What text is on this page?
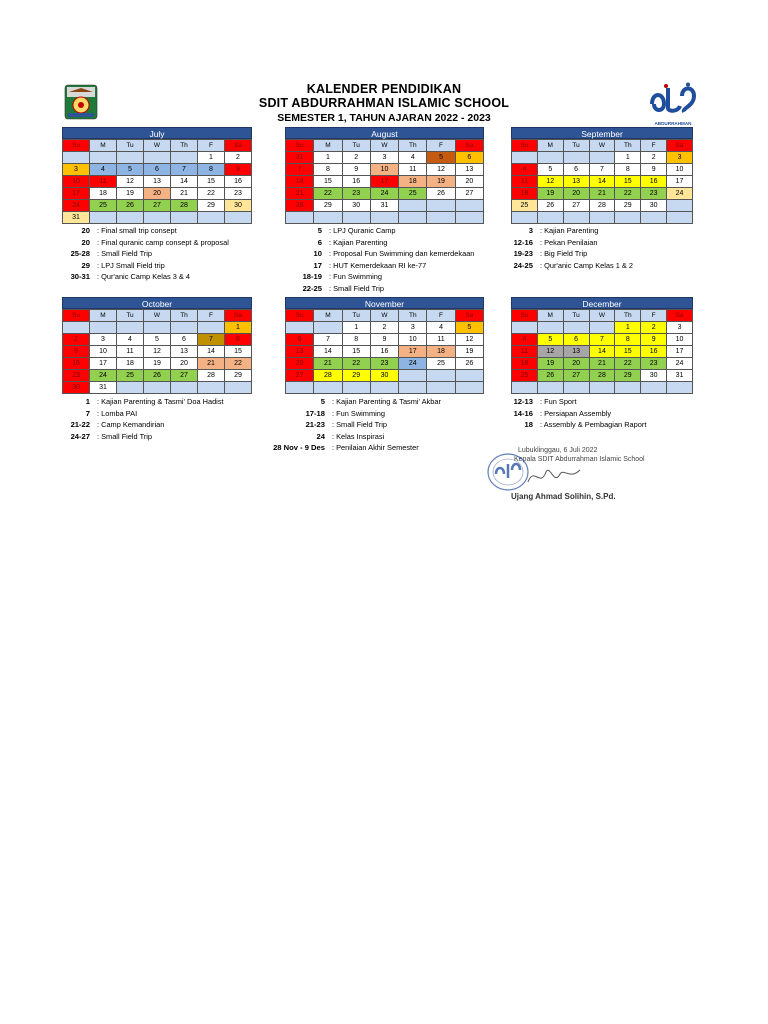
KALENDER PENDIDIKAN
SDIT ABDURRAHMAN ISLAMIC SCHOOL
SEMESTER 1, TAHUN AJARAN 2022 - 2023	ABDURRAHMAN
July
Su	M	Tu	W	Th	F	Sa
					1	2
3	4	5	6	7	8	9
10	11	12	13	14	15	16
17	18	19	20	21	22	23
24	25	26	27	28	29	30
31						
August
Su	M	Tu	W	Th	F	Sa
31	1	2	3	4	5	6
7	8	9	10	11	12	13
14	15	16	17	18	19	20
21	22	23	24	25	26	27
28	29	30	31			

September
Su	M	Tu	W	Th	F	Sa
				1	2	3
4	5	6	7	8	9	10
11	12	13	14	15	16	17
18	19	20	21	22	23	24
25	26	27	28	29	30	

October
Su	M	Tu	W	Th	F	Sa
						1
2	3	4	5	6	7	8
9	10	11	12	13	14	15
16	17	18	19	20	21	22
23	24	25	26	27	28	29
30	31					
November
Su	M	Tu	W	Th	F	Sa
		1	2	3	4	5
6	7	8	9	10	11	12
13	14	15	16	17	18	19
20	21	22	23	24	25	26
27	28	29	30			

December
Su	M	Tu	W	Th	F	Sa
				1	2	3
4	5	6	7	8	9	10
11	12	13	14	15	16	17
18	19	20	21	22	23	24
25	26	27	28	29	30	31

20 : Final small trip consept
20 : Final quranic camp consept & proposal
25-28 : Small Field Trip
29 : LPJ Small Field trip
30-31 : Qur'anic Camp Kelas 3 & 4
5 : LPJ Quranic Camp
6 : Kajian Parenting
10 : Proposal Fun Swimming dan kemerdekaan
17 : HUT Kemerdekaan RI ke-77
18-19 : Fun Swimming
22-25 : Small Field Trip
3 : Kajian Parenting
12-16 : Pekan Penilaian
19-23 : Big Field Trip
24-25 : Qur'anic Camp Kelas 1 & 2
1 : Kajian Parenting & Tasmi' Doa Hadist
7 : Lomba PAI
21-22 : Camp Kemandirian
24-27 : Small Field Trip
5 : Kajian Parenting & Tasmi' Akbar
17-18 : Fun Swimming
21-23 : Small Field Trip
24 : Kelas Inspirasi
28 Nov - 9 Des : Penilaian Akhir Semester
12-13 : Fun Sport
14-16 : Persiapan Assembly
18 : Assembly & Pembagian Raport
Lubuklinggau, 6 Juli 2022
Kepala SDIT Abdurrahman Islamic School
Ujang Ahmad Solihin, S.Pd.
